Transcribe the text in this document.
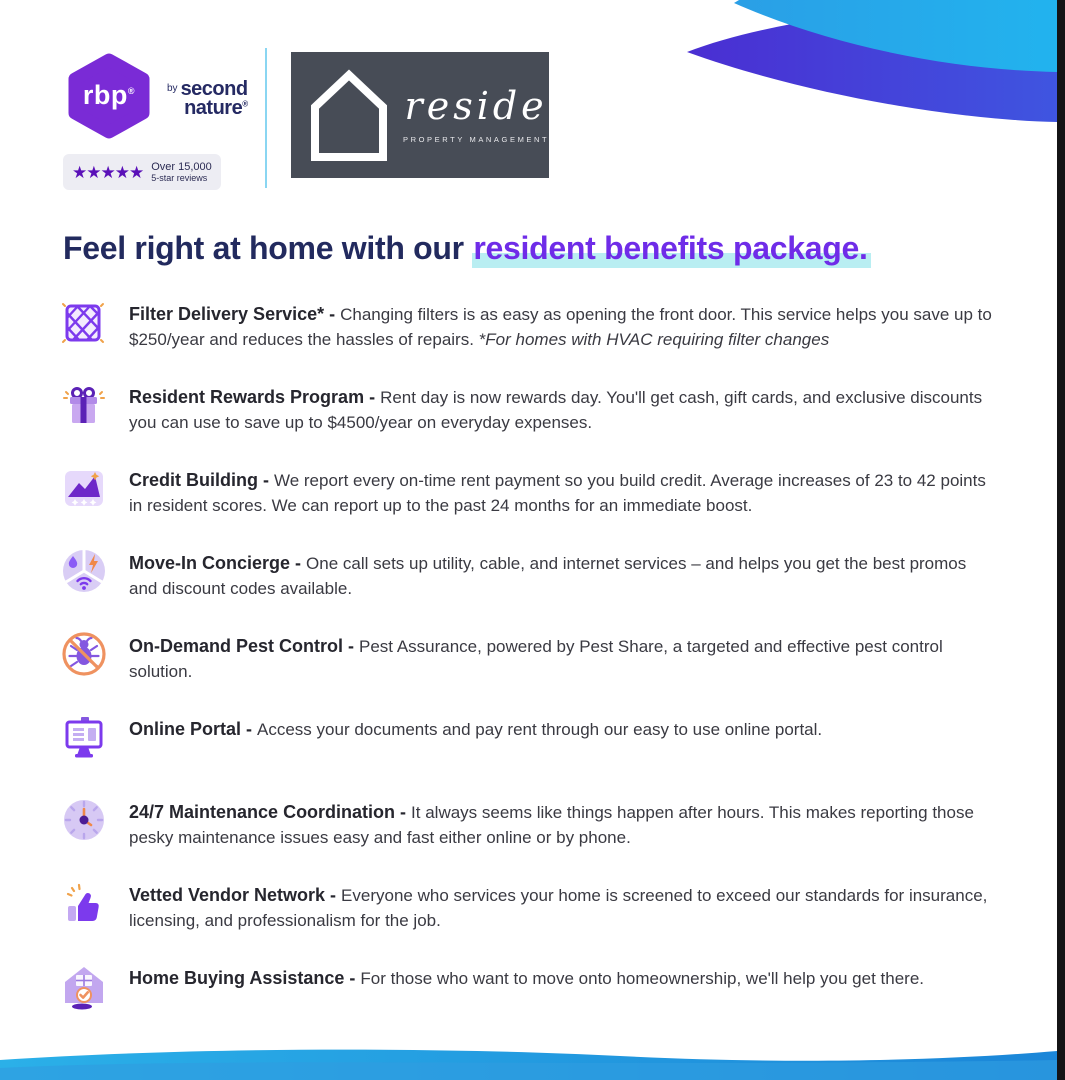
rbp®	by second
nature®
★★★★★ Over 15,000
5-star reviews
reside
PROPERTY MANAGEMENT
Feel right at home with our resident benefits package.

Filter Delivery Service* - Changing filters is as easy as opening the front door. This service helps you save up to $250/year and reduces the hassles of repairs. *For homes with HVAC requiring filter changes

Resident Rewards Program - Rent day is now rewards day. You'll get cash, gift cards, and exclusive discounts you can use to save up to $4500/year on everyday expenses.

Credit Building - We report every on-time rent payment so you build credit. Average increases of 23 to 42 points in resident scores. We can report up to the past 24 months for an immediate boost.

Move-In Concierge - One call sets up utility, cable, and internet services – and helps you get the best promos and discount codes available.

On-Demand Pest Control - Pest Assurance, powered by Pest Share, a targeted and effective pest control solution.

Online Portal - Access your documents and pay rent through our easy to use online portal.

24/7 Maintenance Coordination - It always seems like things happen after hours. This makes reporting those pesky maintenance issues easy and fast either online or by phone.

Vetted Vendor Network - Everyone who services your home is screened to exceed our standards for insurance, licensing, and professionalism for the job.

Home Buying Assistance - For those who want to move onto homeownership, we'll help you get there.
